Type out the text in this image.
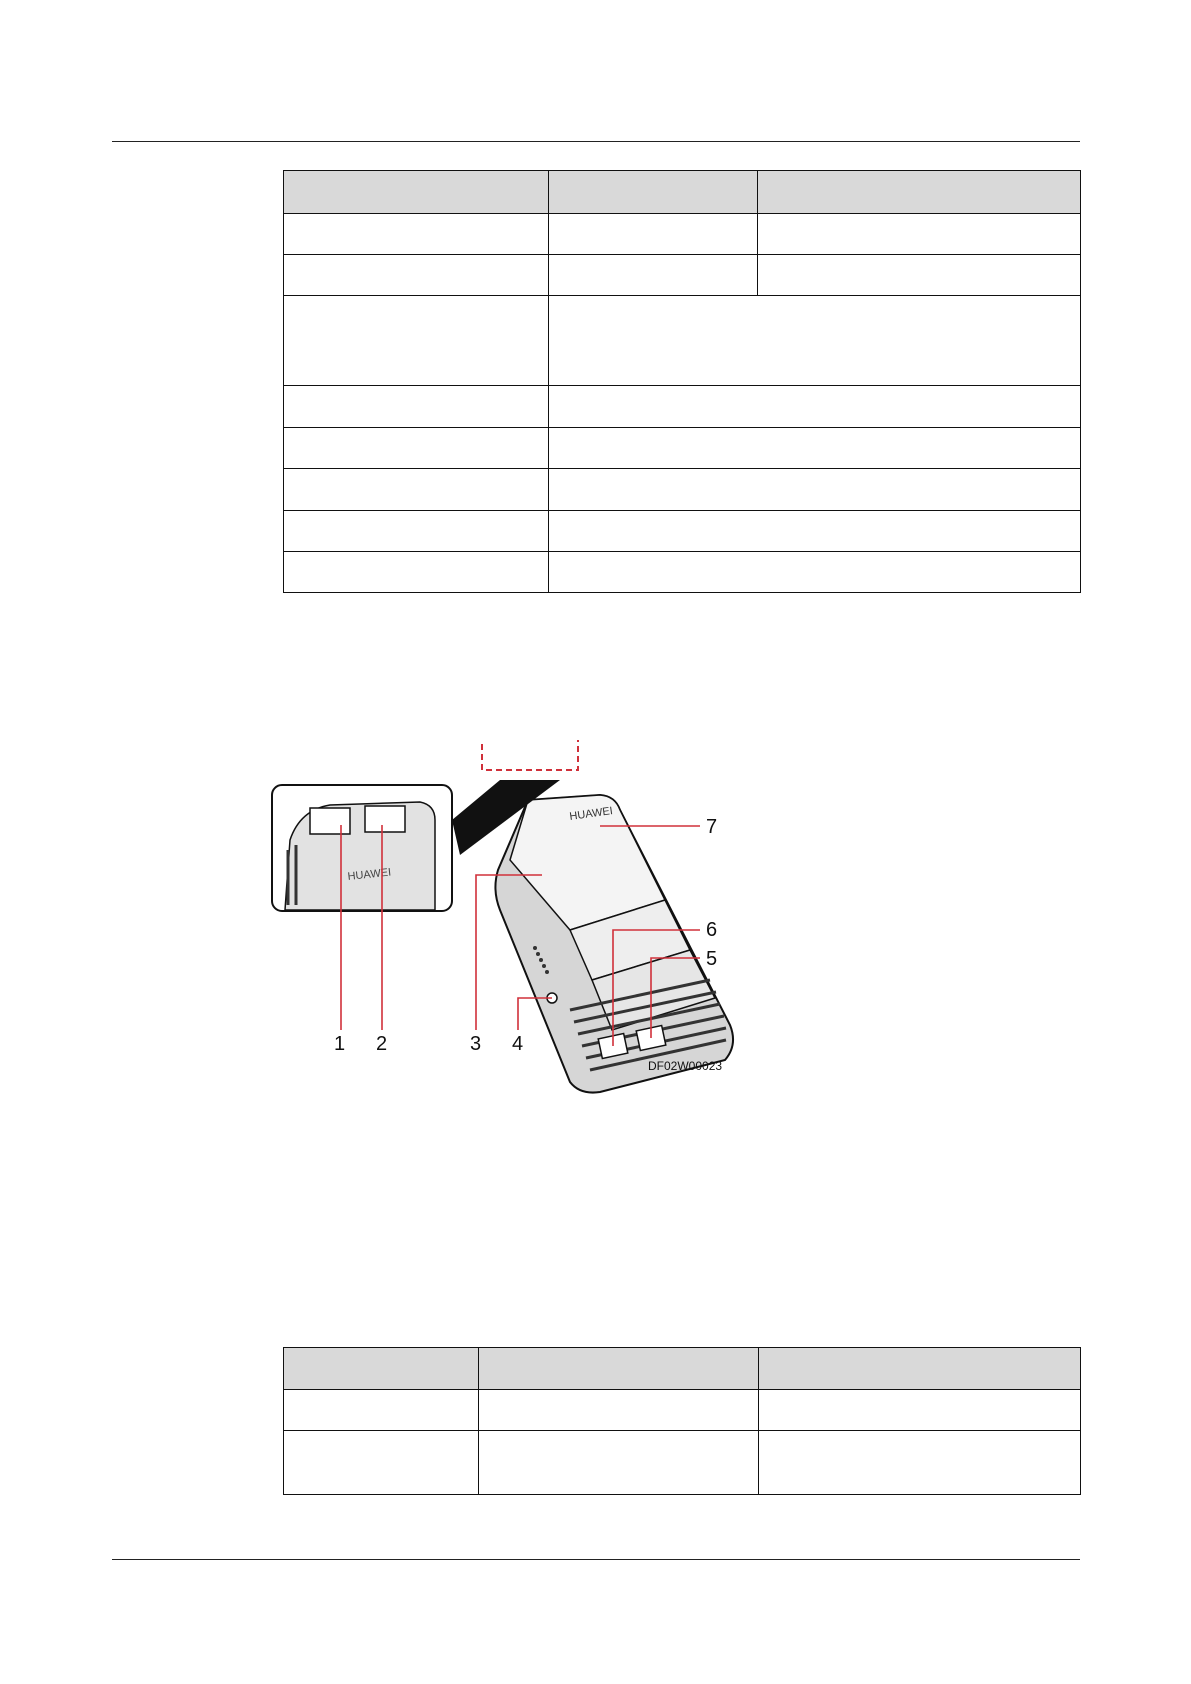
HUAWEI
HUAWEI
1 2	3 4
5
6
7
DF02W00023
